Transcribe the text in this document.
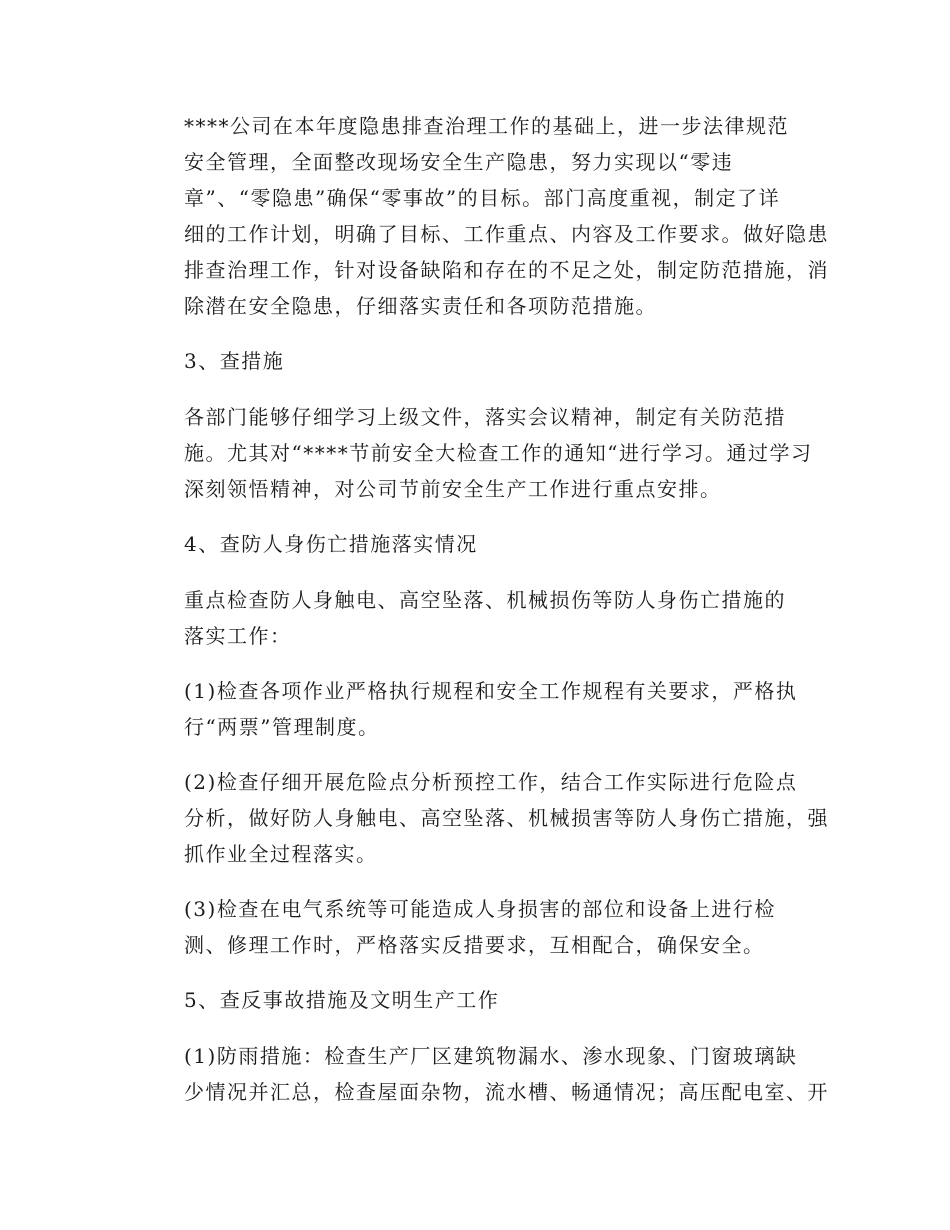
****公司在本年度隐患排查治理工作的基础上，进一步法律规范
安全管理，全面整改现场安全生产隐患，努力实现以“零违
章”、“零隐患”确保“零事故”的目标。部门高度重视，制定了详
细的工作计划，明确了目标、工作重点、内容及工作要求。做好隐患
排查治理工作，针对设备缺陷和存在的不足之处，制定防范措施，消
除潜在安全隐患，仔细落实责任和各项防范措施。

3、查措施

各部门能够仔细学习上级文件，落实会议精神，制定有关防范措
施。尤其对“****节前安全大检查工作的通知“进行学习。通过学习
深刻领悟精神，对公司节前安全生产工作进行重点安排。

4、查防人身伤亡措施落实情况

重点检查防人身触电、高空坠落、机械损伤等防人身伤亡措施的
落实工作：

(1)检查各项作业严格执行规程和安全工作规程有关要求，严格执
行“两票”管理制度。

(2)检查仔细开展危险点分析预控工作，结合工作实际进行危险点
分析，做好防人身触电、高空坠落、机械损害等防人身伤亡措施，强
抓作业全过程落实。

(3)检查在电气系统等可能造成人身损害的部位和设备上进行检
测、修理工作时，严格落实反措要求，互相配合，确保安全。

5、查反事故措施及文明生产工作

(1)防雨措施：检查生产厂区建筑物漏水、渗水现象、门窗玻璃缺
少情况并汇总，检查屋面杂物，流水槽、畅通情况；高压配电室、开
